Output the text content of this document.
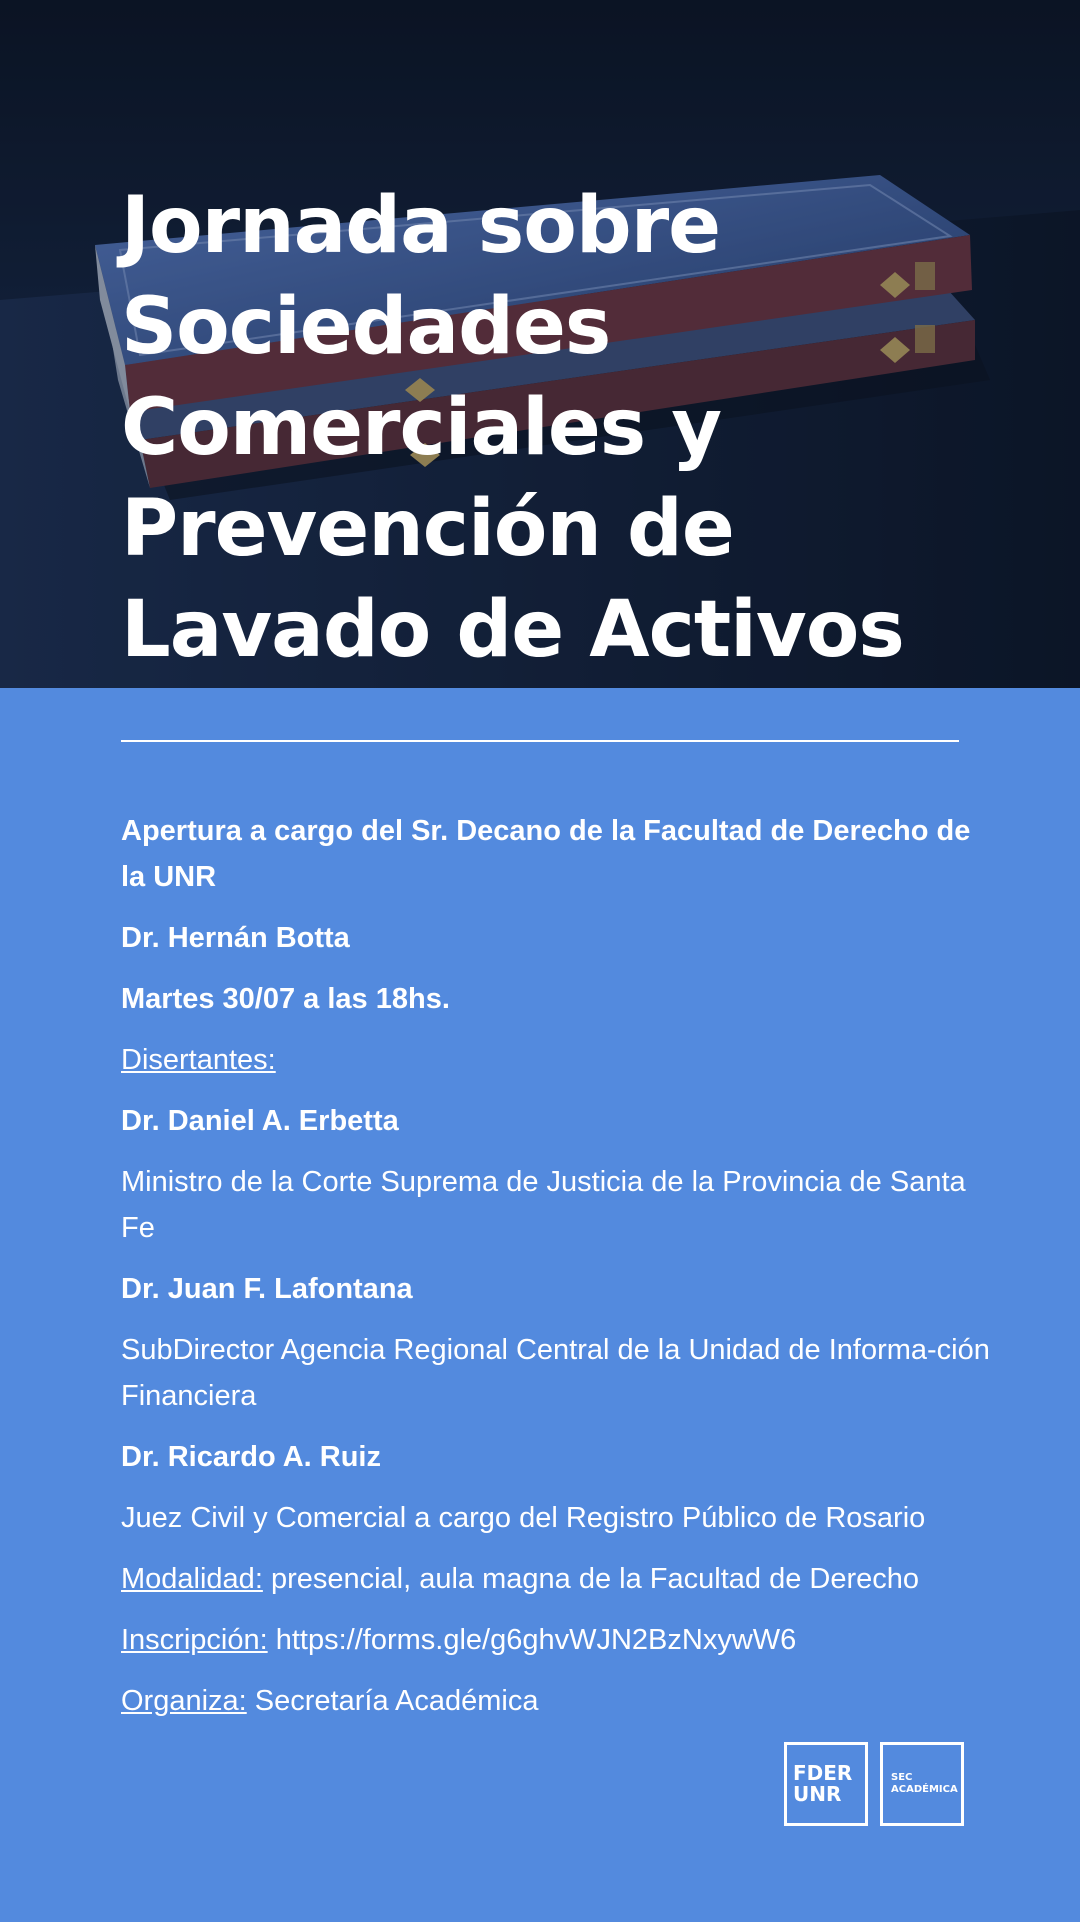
Jornada sobre
Sociedades
Comerciales y
Prevención de
Lavado de Activos

Apertura a cargo del Sr. Decano de la Facultad de Derecho de la UNR

Dr. Hernán Botta

Martes 30/07 a las 18hs.

Disertantes:

Dr. Daniel A. Erbetta

Ministro de la Corte Suprema de Justicia de la Provincia de Santa Fe

Dr. Juan F. Lafontana

SubDirector Agencia Regional Central de la Unidad de Informa-ción Financiera

Dr. Ricardo A. Ruiz

Juez Civil y Comercial a cargo del Registro Público de Rosario

Modalidad: presencial, aula magna de la Facultad de Derecho

Inscripción: https://forms.gle/g6ghvWJN2BzNxywW6

Organiza: Secretaría Académica

FDER
UNR
SEC
ACADÉMICA
